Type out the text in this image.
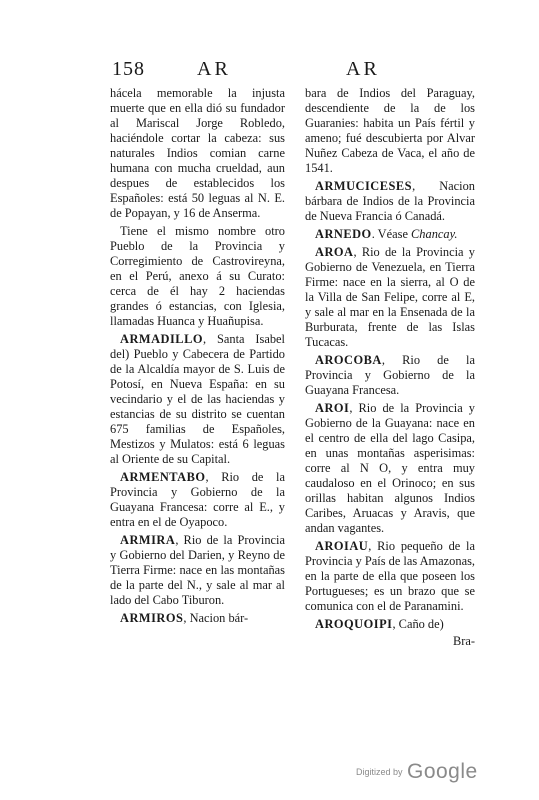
158	AR	AR

hácela memorable la injusta muerte que en ella dió su fundador al Mariscal Jorge Robledo, haciéndole cortar la cabeza: sus naturales Indios comian carne humana con mucha crueldad, aun despues de establecidos los Españoles: está 50 leguas al N. E. de Popayan, y 16 de Anserma.

Tiene el mismo nombre otro Pueblo de la Provincia y Corregimiento de Castrovireyna, en el Perú, anexo á su Curato: cerca de él hay 2 haciendas grandes ó estancias, con Iglesia, llamadas Huanca y Huañupisa.

ARMADILLO, Santa Isabel del) Pueblo y Cabecera de Partido de la Alcaldía mayor de S. Luis de Potosí, en Nueva España: en su vecindario y el de las haciendas y estancias de su distrito se cuentan 675 familias de Españoles, Mestizos y Mulatos: está 6 leguas al Oriente de su Capital.

ARMENTABO, Rio de la Provincia y Gobierno de la Guayana Francesa: corre al E., y entra en el de Oyapoco.

ARMIRA, Rio de la Provincia y Gobierno del Darien, y Reyno de Tierra Firme: nace en las montañas de la parte del N., y sale al mar al lado del Cabo Tiburon.

ARMIROS, Nacion bár-

bara de Indios del Paraguay, descendiente de la de los Guaranies: habita un País fértil y ameno; fué descubierta por Alvar Nuñez Cabeza de Vaca, el año de 1541.

ARMUCICESES, Nacion bárbara de Indios de la Provincia de Nueva Francia ó Canadá.

ARNEDO. Véase Chancay.

AROA, Rio de la Provincia y Gobierno de Venezuela, en Tierra Firme: nace en la sierra, al O de la Villa de San Felipe, corre al E, y sale al mar en la Ensenada de la Burburata, frente de las Islas Tucacas.

AROCOBA, Rio de la Provincia y Gobierno de la Guayana Francesa.

AROI, Rio de la Provincia y Gobierno de la Guayana: nace en el centro de ella del lago Casipa, en unas montañas asperisimas: corre al N O, y entra muy caudaloso en el Orinoco; en sus orillas habitan algunos Indios Caribes, Aruacas y Aravis, que andan vagantes.

AROIAU, Rio pequeño de la Provincia y País de las Amazonas, en la parte de ella que poseen los Portugueses; es un brazo que se comunica con el de Paranamini.

AROQUOIPI, Caño de)

Bra-
Digitized by Google
